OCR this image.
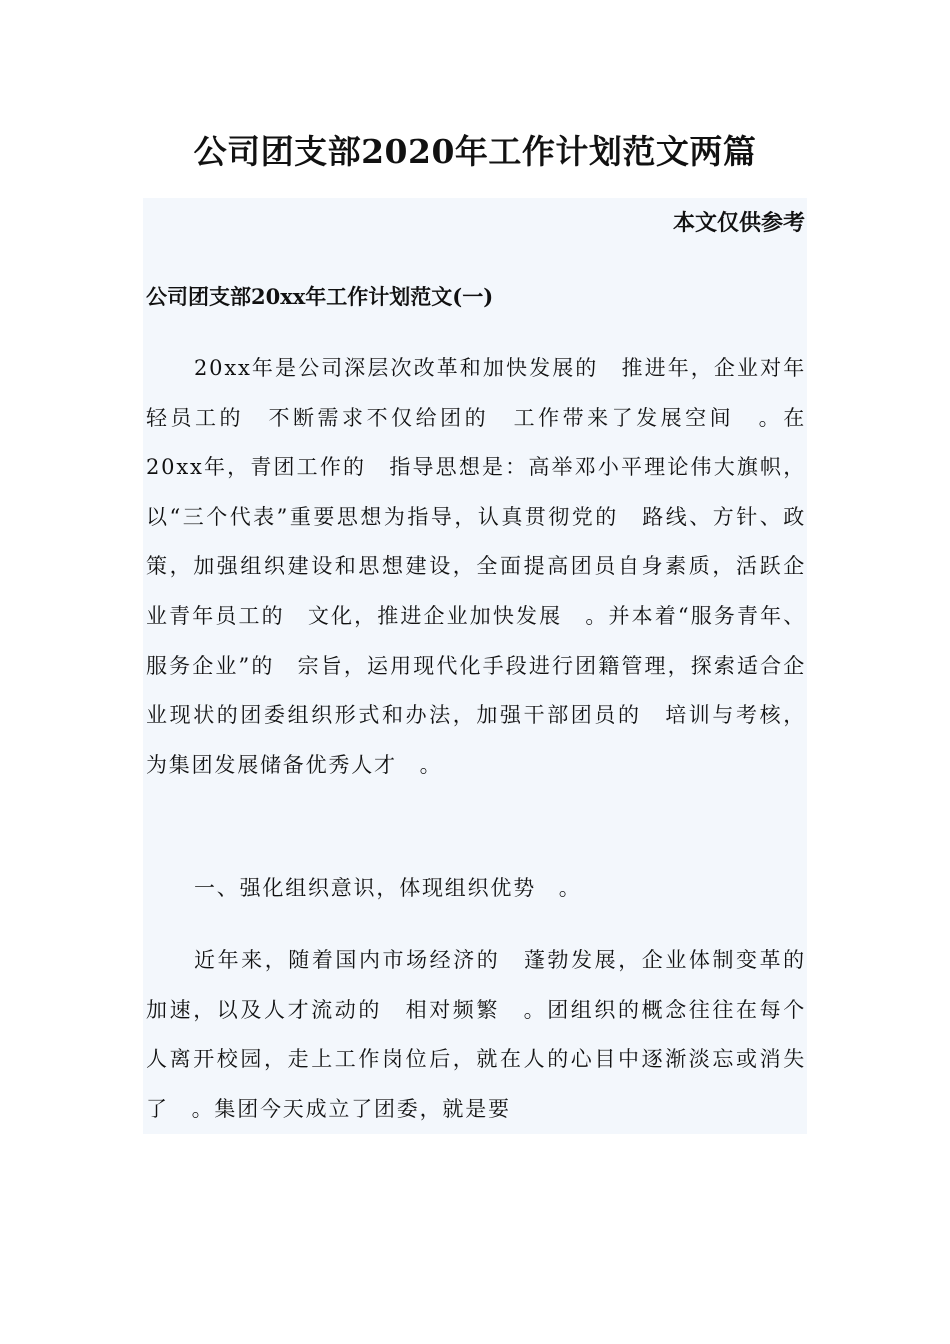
公司团支部2020年工作计划范文两篇
本文仅供参考
公司团支部20xx年工作计划范文(一)

20xx年是公司深层次改革和加快发展的　推进年，企业对年轻员工的　不断需求不仅给团的　工作带来了发展空间　。在20xx年，青团工作的　指导思想是：高举邓小平理论伟大旗帜，以“三个代表”重要思想为指导，认真贯彻党的　路线、方针、政策，加强组织建设和思想建设，全面提高团员自身素质，活跃企业青年员工的　文化，推进企业加快发展　。并本着“服务青年、服务企业”的　宗旨，运用现代化手段进行团籍管理，探索适合企业现状的团委组织形式和办法，加强干部团员的　培训与考核，为集团发展储备优秀人才　。

一、强化组织意识，体现组织优势　。

近年来，随着国内市场经济的　蓬勃发展，企业体制变革的　加速，以及人才流动的　相对频繁　。团组织的概念往往在每个人离开校园，走上工作岗位后，就在人的心目中逐渐淡忘或消失了　。集团今天成立了团委，就是要
